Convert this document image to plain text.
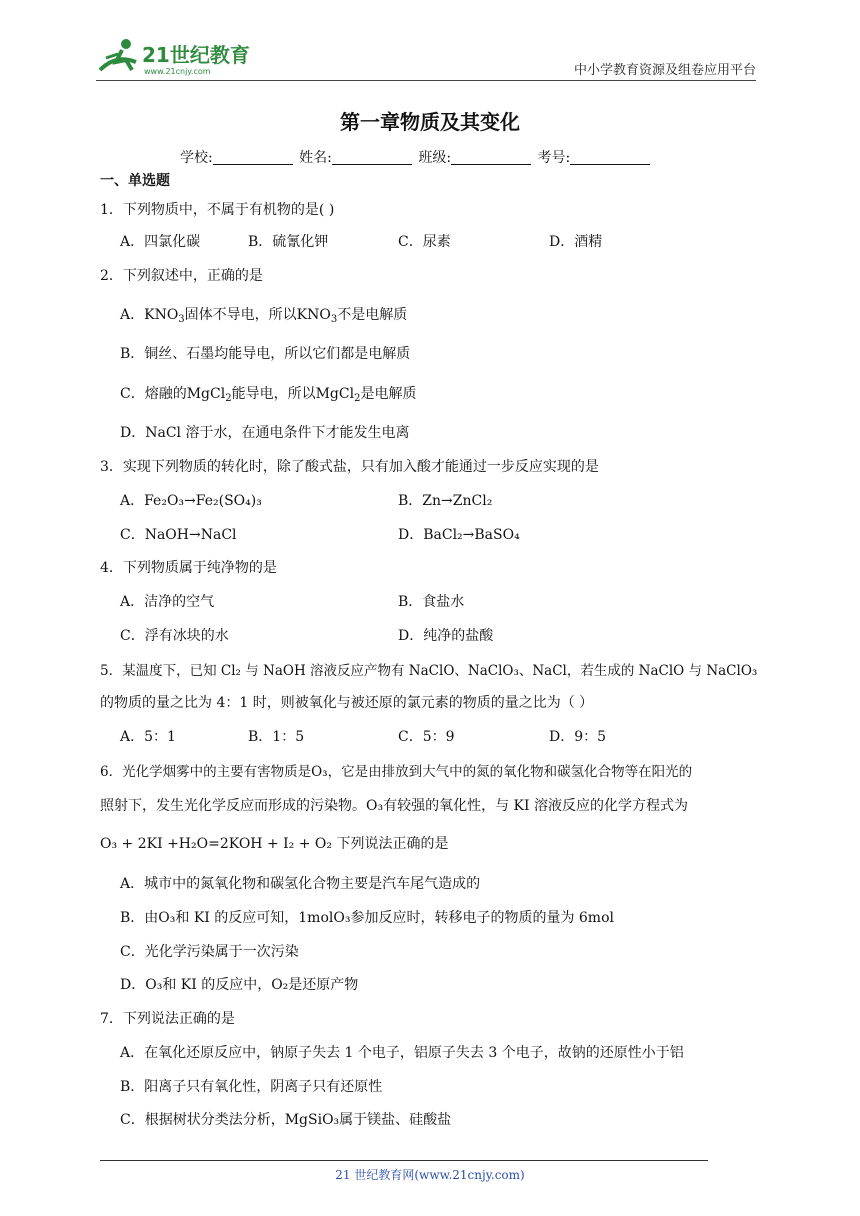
21世纪教育
www.21cnjy.com	中小学教育资源及组卷应用平台
第一章物质及其变化
学校:	姓名:	班级:	考号:
一、单选题
1．下列物质中，不属于有机物的是( )
A．四氯化碳	B．硫氰化钾	C．尿素	D．酒精
2．下列叙述中，正确的是
A．$KNO_3$固体不导电，所以$KNO_3$不是电解质
B．铜丝、石墨均能导电，所以它们都是电解质
C．熔融的MgCl$_2$能导电，所以MgCl$_2$是电解质
D．NaCl 溶于水，在通电条件下才能发生电离
3．实现下列物质的转化时，除了酸式盐，只有加入酸才能通过一步反应实现的是
A．Fe₂O₃→Fe₂(SO₄)₃	B．Zn→ZnCl₂
C．NaOH→NaCl	D．BaCl₂→BaSO₄
4．下列物质属于纯净物的是
A．洁净的空气	B．食盐水
C．浮有冰块的水	D．纯净的盐酸
5．某温度下，已知 Cl₂ 与 NaOH 溶液反应产物有 NaClO、NaClO₃、NaCl，若生成的 NaClO 与 NaClO₃
的物质的量之比为 4：1 时，则被氧化与被还原的氯元素的物质的量之比为（ ）
A．5：1	B．1：5	C．5：9	D．9：5
6．光化学烟雾中的主要有害物质是O₃，它是由排放到大气中的氮的氧化物和碳氢化合物等在阳光的
照射下，发生光化学反应而形成的污染物。O₃有较强的氧化性，与 KI 溶液反应的化学方程式为
O₃ + 2KI +H₂O=2KOH + I₂ + O₂ 下列说法正确的是
A．城市中的氮氧化物和碳氢化合物主要是汽车尾气造成的
B．由O₃和 KI 的反应可知，1molO₃参加反应时，转移电子的物质的量为 6mol
C．光化学污染属于一次污染
D．O₃和 KI 的反应中，O₂是还原产物
7．下列说法正确的是
A．在氧化还原反应中，钠原子失去 1 个电子，铝原子失去 3 个电子，故钠的还原性小于铝
B．阳离子只有氧化性，阴离子只有还原性
C．根据树状分类法分析，MgSiO₃属于镁盐、硅酸盐
21 世纪教育网(www.21cnjy.com)
